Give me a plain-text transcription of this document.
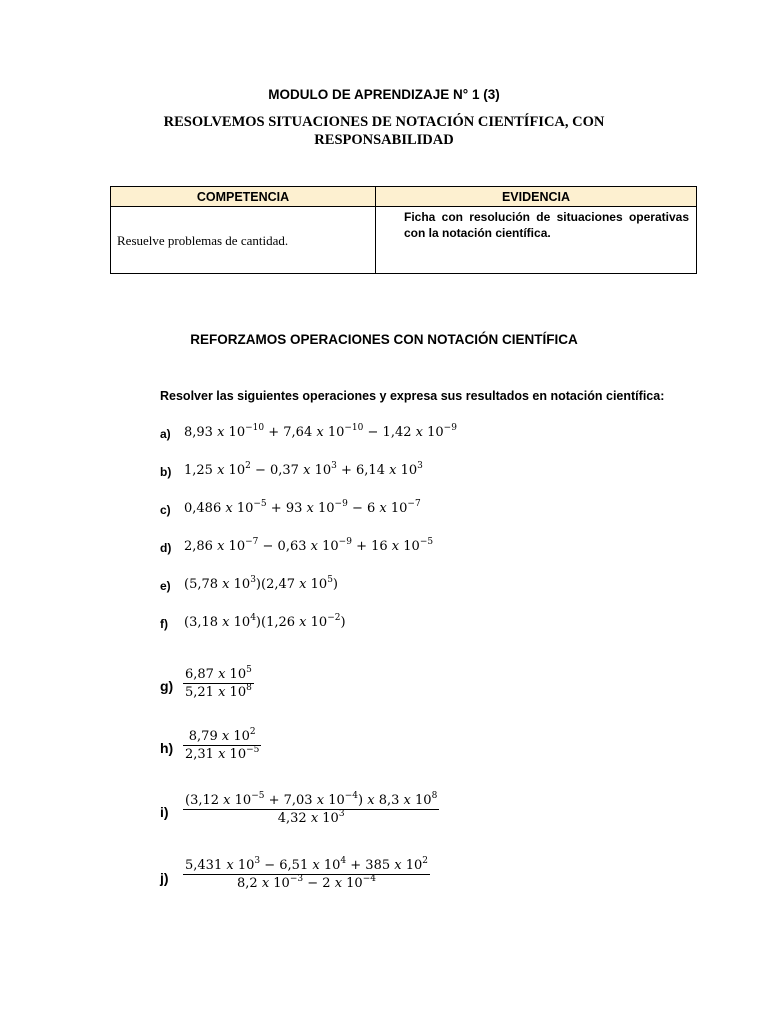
MODULO DE APRENDIZAJE N° 1 (3)
RESOLVEMOS SITUACIONES DE NOTACIÓN CIENTÍFICA, CON RESPONSABILIDAD
COMPETENCIA	EVIDENCIA

Resuelve problemas de cantidad.	Ficha con resolución de situaciones operativas con la notación científica.
REFORZAMOS OPERACIONES CON NOTACIÓN CIENTÍFICA
Resolver las siguientes operaciones y expresa sus resultados en notación científica:
a) 8,93 x $10^{-10} + 7,64$ x $10^{-10} - 1,42$ x $10^{-9}$
b) 1,25 x $10^2 - 0,37$ x $10^3 + 6,14$ x $10^3$
c) 0,486 x $10^{-5} + 93$ x $10^{-9} - 6$ x $10^{-7}$
d) 2,86 x $10^{-7} - 0,63$ x $10^{-9} + 16$ x $10^{-5}$
e) (5,78 x $10^3)(2,47$ x $10^5$)
f) (3,18 x $10^4)(1,26$ x $10^{-2}$)
$g) \frac{6,87 x 10^5}{5,21 x 10^8}$
$h) \frac{8,79 x 10^2}{2,31 x 10^{-5}}$
$i) \frac{(3,12 x 10^{-5} + 7,03 x 10^{-4}) x 8,3 x 10^8}{4,32 x 10^3}$
$j) \frac{5,431 x 10^3 - 6,51 x 10^4 + 385 x 10^2}{8,2 x 10^{-3} - 2 x 10^{-4}}$
